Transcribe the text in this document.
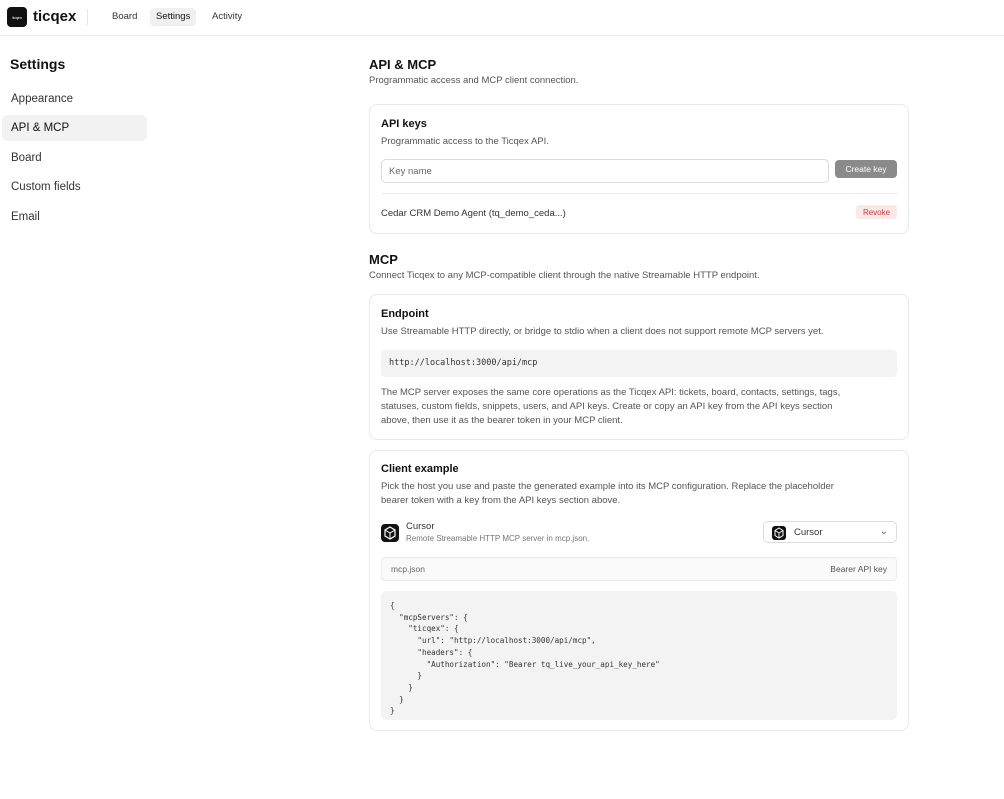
ticqex ticqex	Board	Settings	Activity
Settings
Appearance
API & MCP
Board
Custom fields
Email
API & MCP
Programmatic access and MCP client connection.
API keys
Programmatic access to the Ticqex API.
Key name
Create key
Cedar CRM Demo Agent (tq_demo_ceda...)	Revoke
MCP
Connect Ticqex to any MCP-compatible client through the native Streamable HTTP endpoint.
Endpoint
Use Streamable HTTP directly, or bridge to stdio when a client does not support remote MCP servers yet.
http://localhost:3000/api/mcp
The MCP server exposes the same core operations as the Ticqex API: tickets, board, contacts, settings, tags,
statuses, custom fields, snippets, users, and API keys. Create or copy an API key from the API keys section
above, then use it as the bearer token in your MCP client.
Client example
Pick the host you use and paste the generated example into its MCP configuration. Replace the placeholder
bearer token with a key from the API keys section above.
Cursor
Remote Streamable HTTP MCP server in mcp.json.
Cursor	⌄
mcp.json	Bearer API key
{
"mcpServers": {
"ticqex": {
"url": "http://localhost:3000/api/mcp",
"headers": {
"Authorization": "Bearer tq_live_your_api_key_here"
}
}
}
}
